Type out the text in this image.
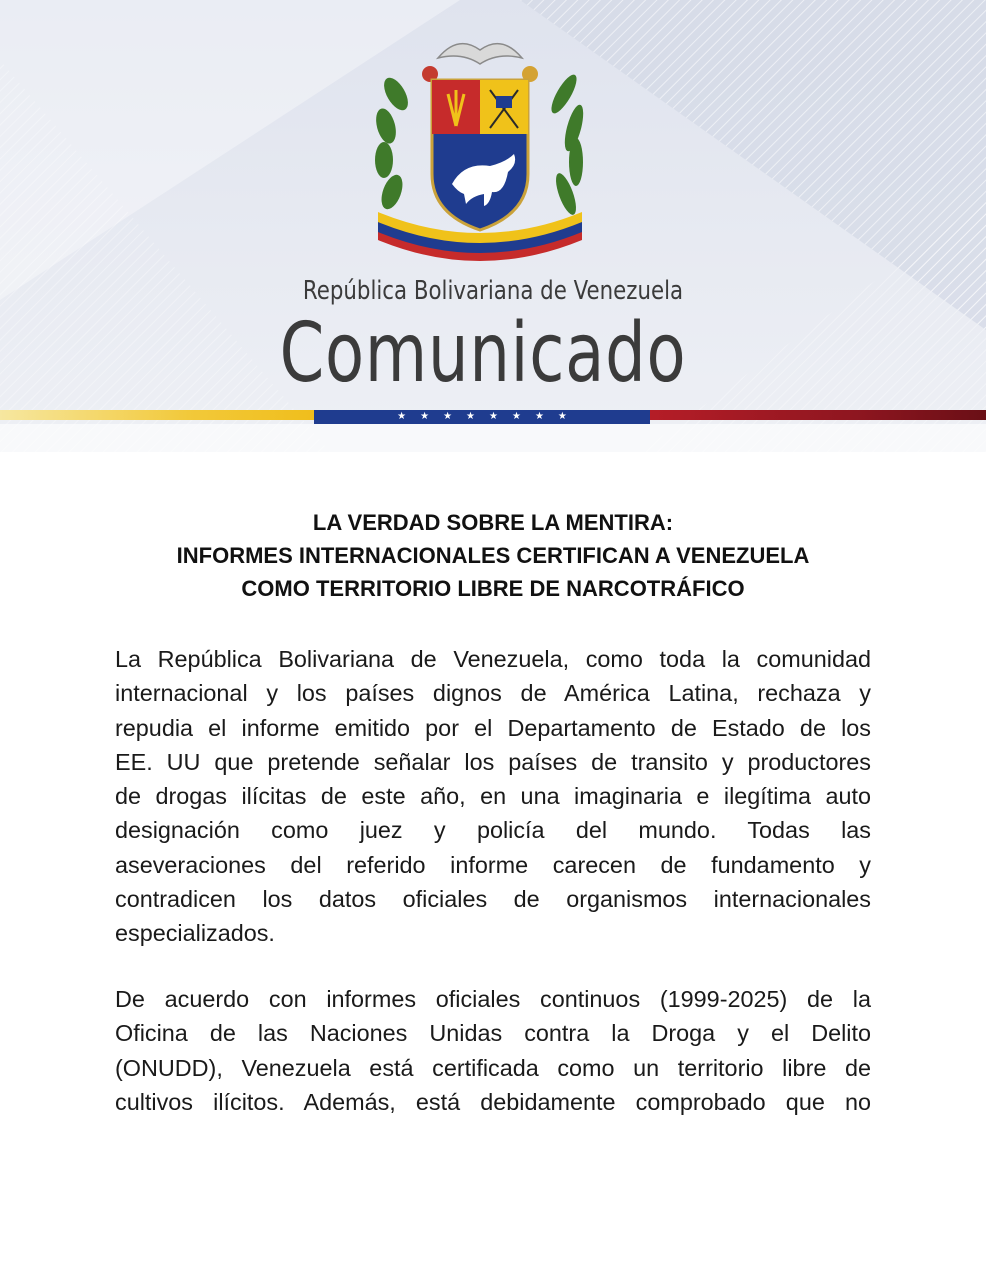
República Bolivariana de Venezuela
Comunicado
★ ★ ★ ★ ★ ★ ★ ★
LA VERDAD SOBRE LA MENTIRA:
INFORMES INTERNACIONALES CERTIFICAN A VENEZUELA
COMO TERRITORIO LIBRE DE NARCOTRÁFICO
La República Bolivariana de Venezuela, como toda la comunidad
internacional y los países dignos de América Latina, rechaza y
repudia el informe emitido por el Departamento de Estado de los
EE. UU que pretende señalar los países de transito y productores
de drogas ilícitas de este año, en una imaginaria e ilegítima auto
designación como juez y policía del mundo. Todas las
aseveraciones del referido informe carecen de fundamento y
contradicen los datos oficiales de organismos internacionales
especializados.
De acuerdo con informes oficiales continuos (1999-2025) de la
Oficina de las Naciones Unidas contra la Droga y el Delito
(ONUDD), Venezuela está certificada como un territorio libre de
cultivos ilícitos. Además, está debidamente comprobado que no
